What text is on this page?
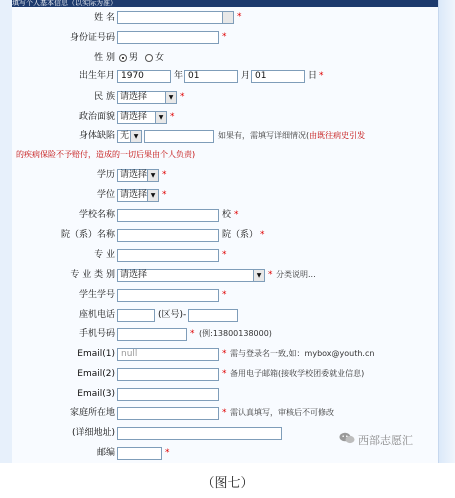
填写个人基本信息（以实际为准）
姓 名	*
身份证号码	*
性 别 男 女
出生年月 1970	年 01	月 01	日 *
民 族 请选择	▼ *
政治面貌 请选择	▼ *
身体缺陷 无 ▼	如果有，需填写详细情况(由既往病史引发
的疾病保险不予赔付，造成的一切后果由个人负责)
学历 请选择 ▼ *
学位 请选择 ▼ *
学校名称	校 *
院（系）名称	院（系） *
专 业	*
专 业 类 别 请选择	▼ * 分类说明...
学生学号	*
座机电话	(区号) -
手机号码	* (例:13800138000)
Email(1) null	* 需与登录名一致,如：mybox@youth.cn
Email(2)	* 备用电子邮箱(接收学校团委就业信息)
Email(3)
家庭所在地	* 需认真填写，审核后不可修改
(详细地址)
邮编	*
西部志愿汇
（图七）
